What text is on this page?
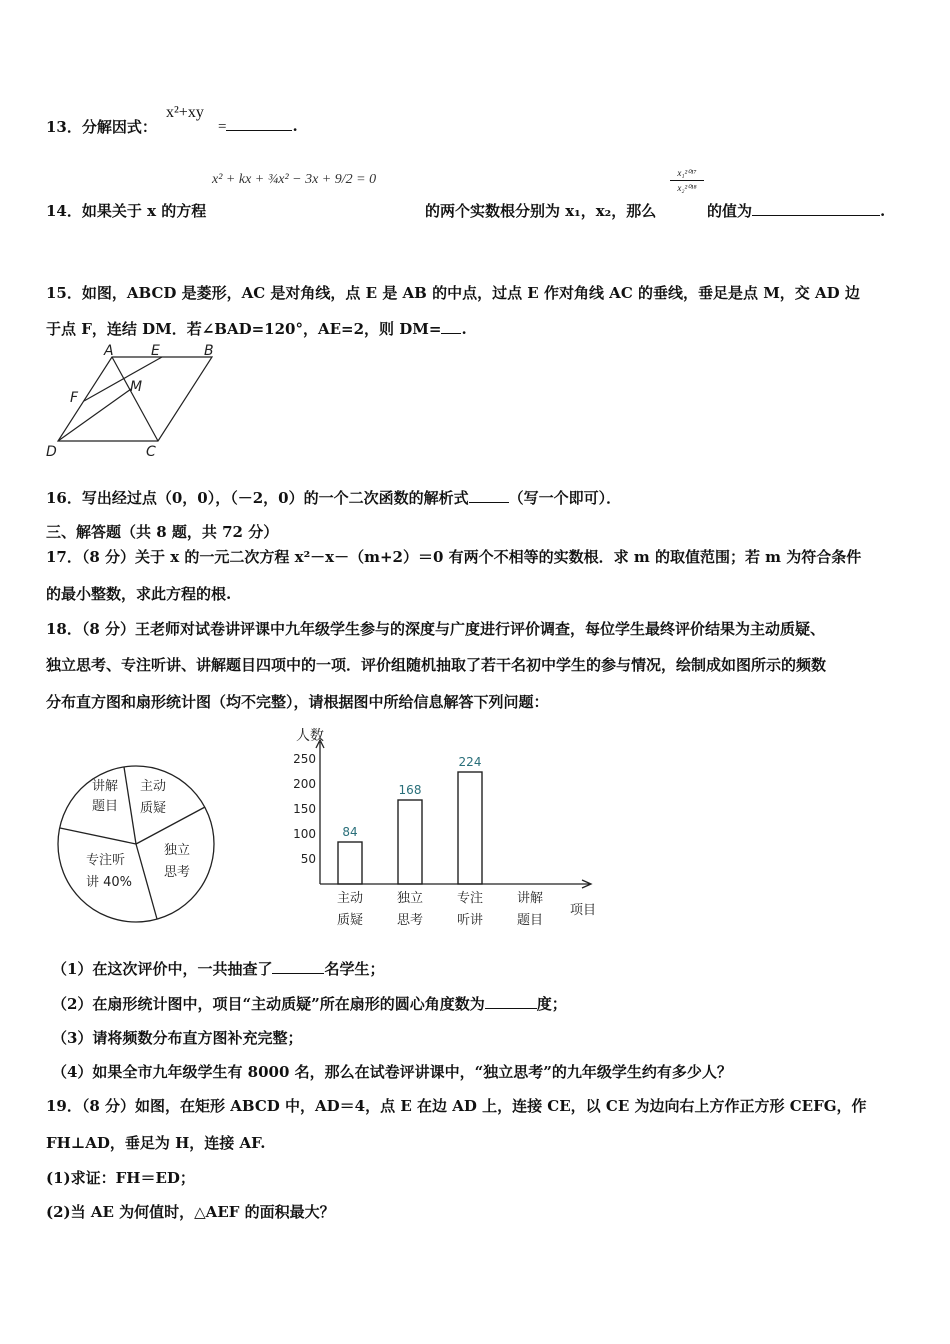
13．分解因式：
x²+xy
=	.
x² + kx + ¾x² − 3x + 9/2 = 0
14．如果关于 x 的方程	的两个实数根分别为 x₁，x₂，那么
$\frac{\text{x₁²⁰¹⁷}}{\text{x₂²⁰¹⁸}}$
的值为	.
15．如图，ABCD 是菱形，AC 是对角线，点 E 是 AB 的中点，过点 E 作对角线 AC 的垂线，垂足是点 M，交 AD 边
于点 F，连结 DM．若∠BAD=120°，AE=2，则 DM= .
A	E	B
F
M
D	C
16．写出经过点（0，0），（－2，0）的一个二次函数的解析式	（写一个即可）．
三、解答题（共 8 题，共 72 分）
17．（8 分）关于 x 的一元二次方程 x²－x－（m+2）＝0 有两个不相等的实数根．求 m 的取值范围；若 m 为符合条件
的最小整数，求此方程的根.
18．（8 分）王老师对试卷讲评课中九年级学生参与的深度与广度进行评价调查，每位学生最终评价结果为主动质疑、
独立思考、专注听讲、讲解题目四项中的一项．评价组随机抽取了若干名初中学生的参与情况，绘制成如图所示的频数
分布直方图和扇形统计图（均不完整），请根据图中所给信息解答下列问题：
讲解
题目
主动
质疑
独立
思考
专注听
讲 40%
人数
项目
50
100
150
200
250
84
168
224
主动
质疑
独立
思考
专注
听讲
讲解
题目
（1）在这次评价中，一共抽查了	名学生；
（2）在扇形统计图中，项目“主动质疑”所在扇形的圆心角度数为	度；
（3）请将频数分布直方图补充完整；
（4）如果全市九年级学生有 8000 名，那么在试卷评讲课中，“独立思考”的九年级学生约有多少人？
19．（8 分）如图，在矩形 ABCD 中，AD＝4，点 E 在边 AD 上，连接 CE，以 CE 为边向右上方作正方形 CEFG，作
FH⊥AD，垂足为 H，连接 AF.
(1)求证：FH＝ED；
(2)当 AE 为何值时，△AEF 的面积最大？
